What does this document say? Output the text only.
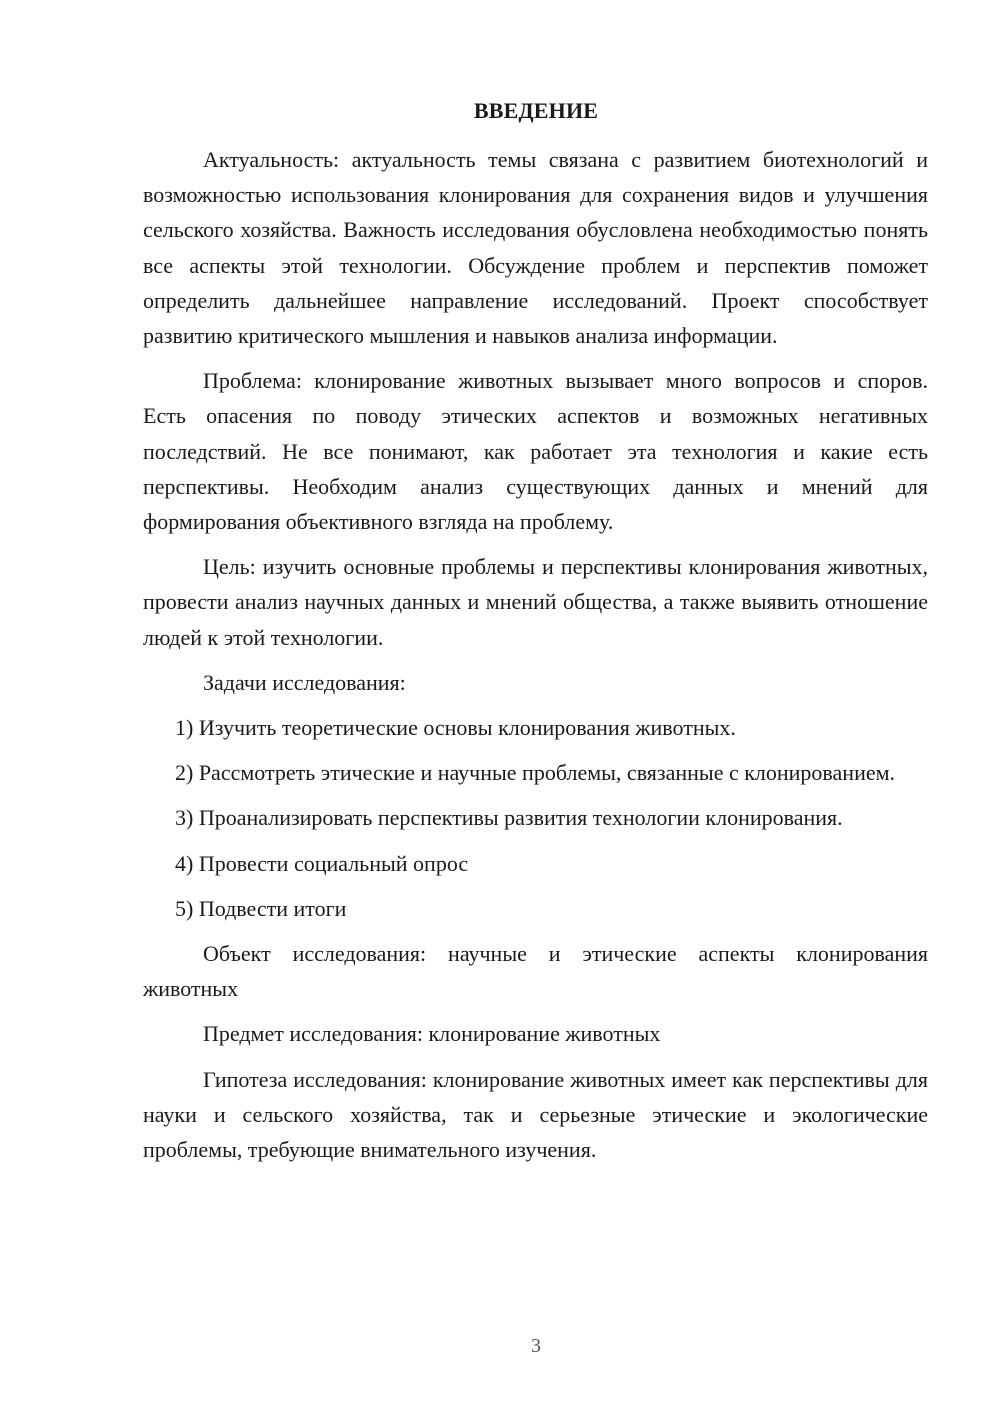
ВВЕДЕНИЕ

Актуальность: актуальность темы связана с развитием биотехнологий и возможностью использования клонирования для сохранения видов и улучшения сельского хозяйства. Важность исследования обусловлена необходимостью понять все аспекты этой технологии. Обсуждение проблем и перспектив поможет определить дальнейшее направление исследований. Проект способствует развитию критического мышления и навыков анализа информации.

Проблема: клонирование животных вызывает много вопросов и споров. Есть опасения по поводу этических аспектов и возможных негативных последствий. Не все понимают, как работает эта технология и какие есть перспективы. Необходим анализ существующих данных и мнений для формирования объективного взгляда на проблему.

Цель: изучить основные проблемы и перспективы клонирования животных, провести анализ научных данных и мнений общества, а также выявить отношение людей к этой технологии.

Задачи исследования:

1) Изучить теоретические основы клонирования животных.

2) Рассмотреть этические и научные проблемы, связанные с клонированием.

3) Проанализировать перспективы развития технологии клонирования.

4) Провести социальный опрос

5) Подвести итоги

Объект исследования: научные и этические аспекты клонирования животных

Предмет исследования: клонирование животных

Гипотеза исследования: клонирование животных имеет как перспективы для науки и сельского хозяйства, так и серьезные этические и экологические проблемы, требующие внимательного изучения.

3
